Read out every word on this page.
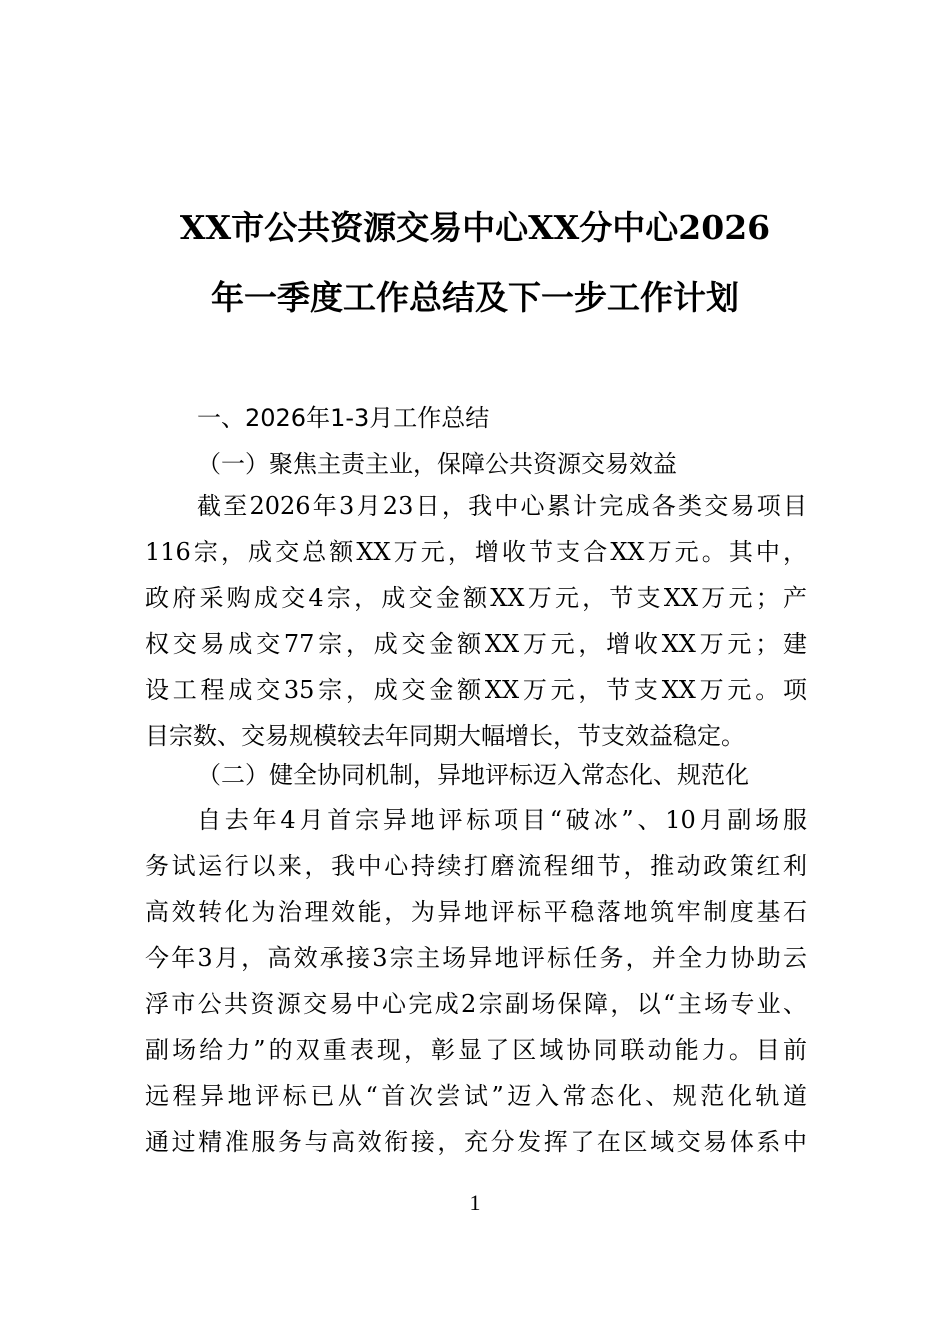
XX市公共资源交易中心XX分中心2026
年一季度工作总结及下一步工作计划
一、2026年1-3月工作总结
（一）聚焦主责主业，保障公共资源交易效益
截至2026年3月23日，我中心累计完成各类交易项目
116宗，成交总额XX万元，增收节支合XX万元。其中，
政府采购成交4宗，成交金额XX万元，节支XX万元；产
权交易成交77宗，成交金额XX万元，增收XX万元；建
设工程成交35宗，成交金额XX万元，节支XX万元。项
目宗数、交易规模较去年同期大幅增长，节支效益稳定。
（二）健全协同机制，异地评标迈入常态化、规范化
自去年4月首宗异地评标项目“破冰”、10月副场服
务试运行以来，我中心持续打磨流程细节，推动政策红利
高效转化为治理效能，为异地评标平稳落地筑牢制度基石
今年3月，高效承接3宗主场异地评标任务，并全力协助云
浮市公共资源交易中心完成2宗副场保障，以“主场专业、
副场给力”的双重表现，彰显了区域协同联动能力。目前
远程异地评标已从“首次尝试”迈入常态化、规范化轨道
通过精准服务与高效衔接，充分发挥了在区域交易体系中
1
